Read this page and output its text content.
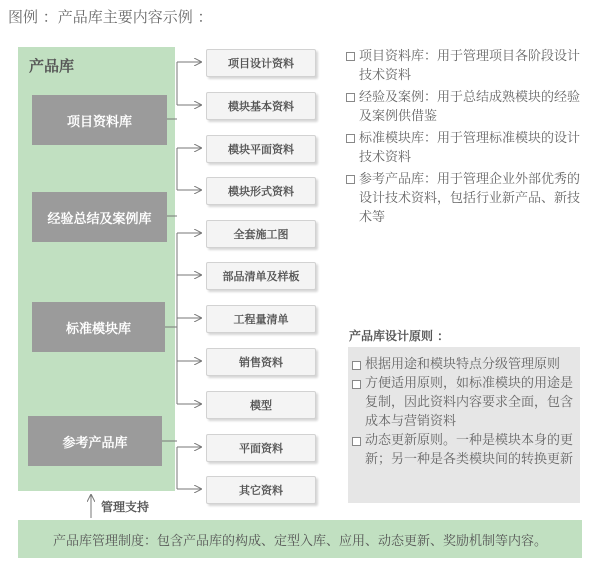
图例 ：产品库主要内容示例 ：
产品库
项目资料库
经验总结及案例库
标准模块库
参考产品库
项目设计资料
模块基本资料
模块平面资料
模块形式资料
全套施工图
部品清单及样板
工程量清单
销售资料
模型
平面资料
其它资料
项目资料库：用于管理项目各阶段设计技术资料
经验及案例：用于总结成熟模块的经验及案例供借鉴
标准模块库：用于管理标准模块的设计技术资料
参考产品库：用于管理企业外部优秀的设计技术资料，包括行业新产品、新技术等
产品库设计原则 ：
根据用途和模块特点分级管理原则
方便适用原则，如标准模块的用途是复制，因此资料内容要求全面，包含成本与营销资料
动态更新原则。一种是模块本身的更新；另一种是各类模块间的转换更新
管理支持
产品库管理制度：包含产品库的构成、定型入库、应用、动态更新、奖励机制等内容。
